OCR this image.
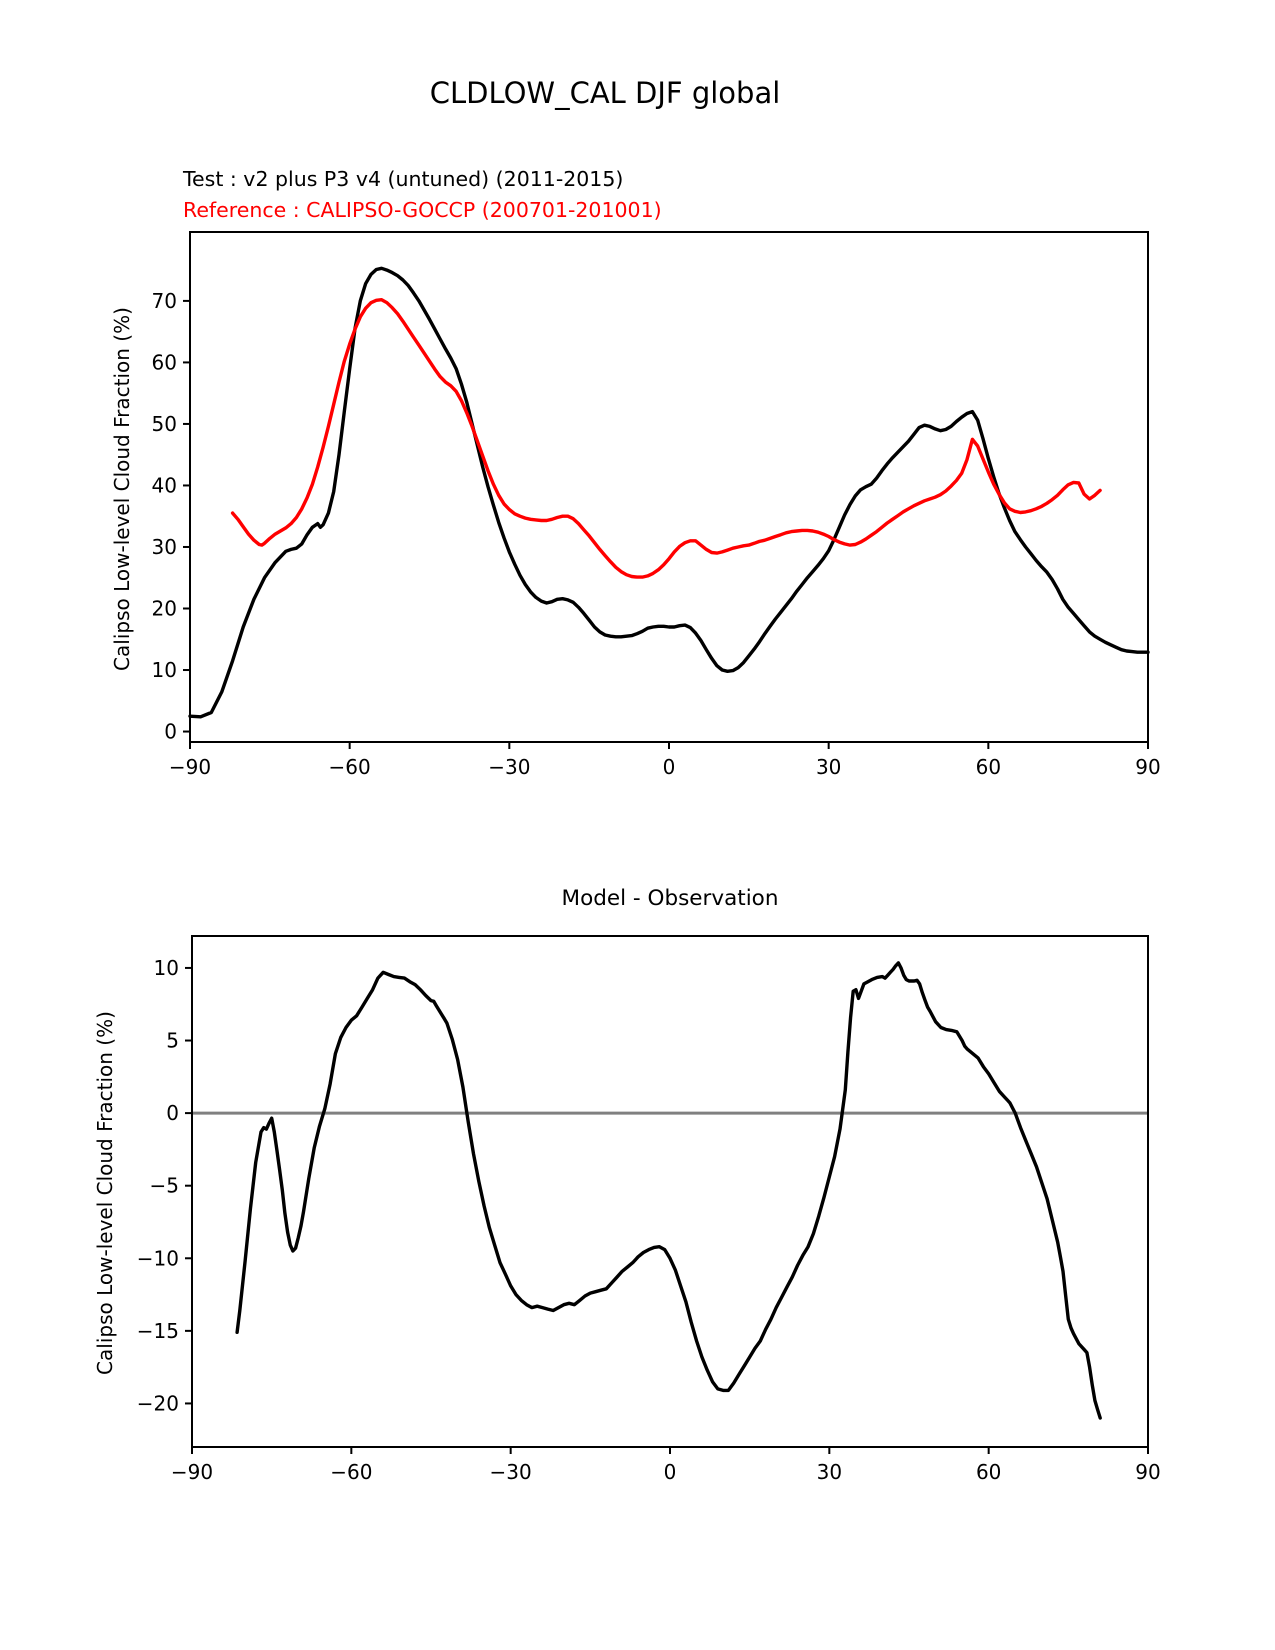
CLDLOW_CAL DJF global
Test : v2 plus P3 v4 (untuned) (2011-2015)
Reference : CALIPSO-GOCCP (200701-201001)
Calipso Low-level Cloud Fraction (%)
Model - Observation
Calipso Low-level Cloud Fraction (%)
−90	−60	−30	0	30	60	90
0
10
20
30
40
50
60
70
−90	−60	−30	0	30	60	90
10
5
0
−5
−10
−15
−20
